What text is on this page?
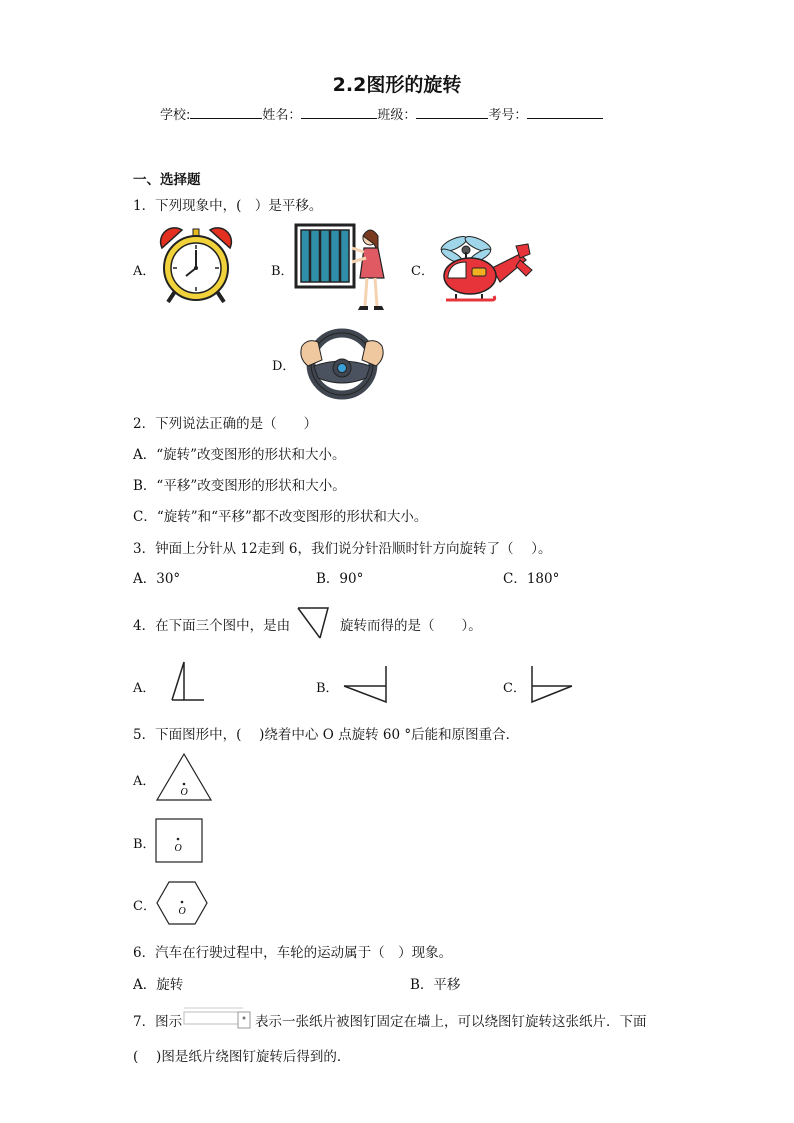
2.2图形的旋转
学校:	姓名：	班级：	考号：
一、选择题
1．下列现象中，(　）是平移。
A．	B．	C．
D．
2．下列说法正确的是（　　）
A．“旋转”改变图形的形状和大小。
B．“平移”改变图形的形状和大小。
C．“旋转”和“平移”都不改变图形的形状和大小。
3．钟面上分针从 12走到 6，我们说分针沿顺时针方向旋转了（　 ）。
A．30°	B．90°	C．180°
4．在下面三个图中，是由	旋转而得的是（　　）。
A．	B．	C．
5．下面图形中，(　 )绕着中心 O 点旋转 60 °后能和原图重合．
A．
O
B． O
C． O
6．汽车在行驶过程中，车轮的运动属于（　）现象。
A．旋转	B．平移
7．图示	表示一张纸片被图钉固定在墙上，可以绕图钉旋转这张纸片．下面
(　 )图是纸片绕图钉旋转后得到的．
